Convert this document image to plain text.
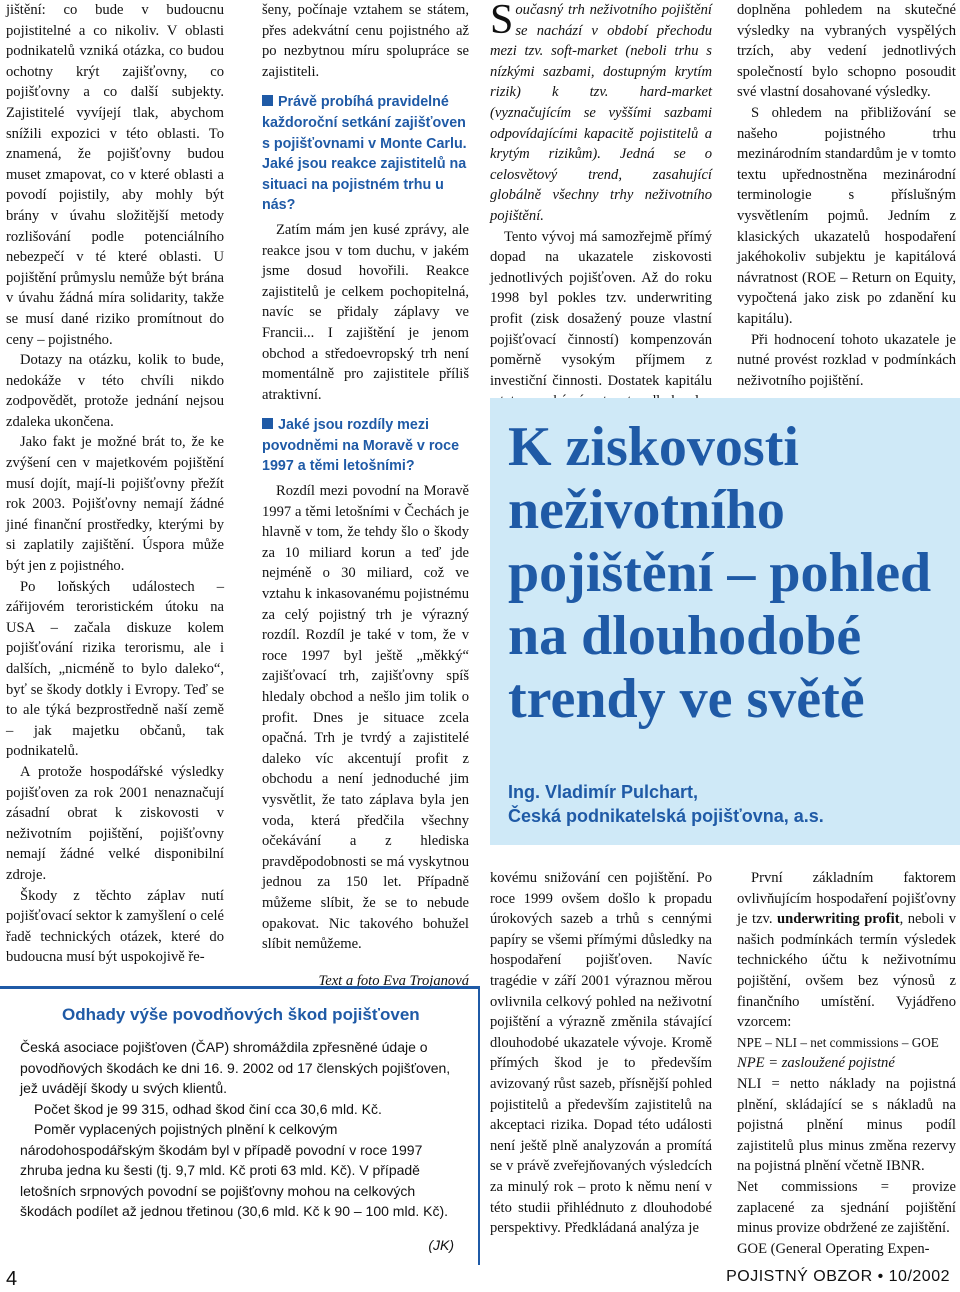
jištění: co bude v budoucnu pojistitelné a co nikoliv. V oblasti podnikatelů vzniká otázka, co budou ochotny krýt zajišťovny, co pojišťovny a co další subjekty. Zajistitelé vyvíjejí tlak, abychom snížili expozici v této oblasti. To znamená, že pojišťovny budou muset zmapovat, co v které oblasti a povodí pojistily, aby mohly být brány v úvahu složitější metody rozlišování podle potenciálního nebezpečí v té které oblasti. U pojištění průmyslu nemůže být brána v úvahu žádná míra solidarity, takže se musí dané riziko promítnout do ceny – pojistného.

Dotazy na otázku, kolik to bude, nedokáže v této chvíli nikdo zodpovědět, protože jednání nejsou zdaleka ukončena.

Jako fakt je možné brát to, že ke zvýšení cen v majetkovém pojištění musí dojít, mají-li pojišťovny přežít rok 2003. Pojišťovny nemají žádné jiné finanční prostředky, kterými by si zaplatily zajištění. Úspora může být jen z pojistného.

Po loňských událostech – zářijovém teroristickém útoku na USA – začala diskuze kolem pojišťování rizika terorismu, ale i dalších, „nicméně to bylo daleko“, byť se škody dotkly i Evropy. Teď se to ale týká bezprostředně naší země – jak majetku občanů, tak podnikatelů.

A protože hospodářské výsledky pojišťoven za rok 2001 nenaznačují zásadní obrat k ziskovosti v neživotním pojištění, pojišťovny nemají žádné velké disponibilní zdroje.

Škody z těchto záplav nutí pojišťovací sektor k zamyšlení o celé řadě technických otázek, které do budoucna musí být uspokojivě ře-

šeny, počínaje vztahem se státem, přes adekvátní cenu pojistného až po nezbytnou míru spolupráce se zajistiteli.

Právě probíhá pravidelné každoroční setkání zajišťoven s pojišťovnami v Monte Carlu. Jaké jsou reakce zajistitelů na situaci na pojistném trhu u nás?

Zatím mám jen kusé zprávy, ale reakce jsou v tom duchu, v jakém jsme dosud hovořili. Reakce zajistitelů je celkem pochopitelná, navíc se přidaly záplavy ve Francii... I zajištění je jenom obchod a středoevropský trh není momentálně pro zajistitele příliš atraktivní.

Jaké jsou rozdíly mezi povodněmi na Moravě v roce 1997 a těmi letošními?

Rozdíl mezi povodní na Moravě 1997 a těmi letošními v Čechách je hlavně v tom, že tehdy šlo o škody za 10 miliard korun a teď jde nejméně o 30 miliard, což ve vztahu k inkasovanému pojistnému za celý pojistný trh je výrazný rozdíl. Rozdíl je také v tom, že v roce 1997 byl ještě „měkký“ zajišťovací trh, zajišťovny spíš hledaly obchod a nešlo jim tolik o profit. Dnes je situace zcela opačná. Trh je tvrdý a zajistitelé daleko víc akcentují profit z obchodu a není jednoduché jim vysvětlit, že tato záplava byla jen voda, která předčila všechny očekávání a z hlediska pravděpodobnosti se má vyskytnou jednou za 150 let. Případně můžeme slíbit, že se to nebude opakovat. Nic takového bohužel slíbit nemůžeme.

Text a foto Eva Trojanová

Současný trh neživotního pojištění se nachází v období přechodu mezi tzv. soft-market (neboli trhu s nízkými sazbami, dostupným krytím rizik) k tzv. hard-market (vyznačujícím se vyššími sazbami odpovídajícími kapacitě pojistitelů a krytým rizikům). Jedná se o celosvětový trend, zasahující globálně všechny trhy neživotního pojištění.

Tento vývoj má samozřejmě přímý dopad na ukazatele ziskovosti jednotlivých pojišťoven. Až do roku 1998 byl pokles tzv. underwriting profit (zisk dosažený pouze vlastní pojišťovací činností) kompenzován poměrně vysokým příjmem z investiční činnosti. Dostatek kapitálu

doplněna pohledem na skutečné výsledky na vybraných vyspělých trzích, aby vedení jednotlivých společností bylo schopno posoudit své vlastní dosahované výsledky.

S ohledem na přibližování se našeho pojistného trhu mezinárodním standardům je v tomto textu upřednostněna mezinárodní terminologie s příslušným vysvětlením pojmů. Jedním z klasických ukazatelů hospodaření jakéhokoliv subjektu je kapitálová návratnost (ROE – Return on Equity, vypočtená jako zisk po zdanění ku kapitálu).

Při hodnocení tohoto ukazatele je nutné provést rozklad v podmínkách neživotního pojištění.

K ziskovosti neživotního pojištění – pohled na dlouhodobé trendy ve světě
Ing. Vladimír Pulchart,
Česká podnikatelská pojišťovna, a.s.

kovému snižování cen pojištění. Po roce 1999 ovšem došlo k propadu úrokových sazeb a trhů s cennými papíry se všemi přímými důsledky na hospodaření pojišťoven. Navíc tragédie v září 2001 výraznou měrou ovlivnila celkový pohled na neživotní pojištění a výrazně změnila stávající dlouhodobé ukazatele vývoje. Kromě přímých škod je to především avizovaný růst sazeb, přísnější pohled pojistitelů a především zajistitelů na akceptaci rizika. Dopad této události není ještě plně analyzován a promítá se v právě zveřejňovaných výsledcích za minulý rok – proto k němu není v této studii přihlédnuto z dlouhodobé perspektivy. Předkládaná analýza je

První základním faktorem ovlivňujícím hospodaření pojišťovny je tzv. underwriting profit, neboli v našich podmínkách termín výsledek technického účtu k neživotnímu pojištění, ovšem bez výnosů z finančního umístění. Vyjádřeno vzorcem:

NPE – NLI – net commissions – GOE

NPE = zasloužené pojistné

NLI = netto náklady na pojistná plnění, skládající se s nákladů na pojistná plnění minus podíl zajistitelů plus minus změna rezervy na pojistná plnění včetně IBNR.

Net commissions = provize zaplacené za sjednání pojištění minus provize obdržené ze zajištění.

GOE (General Operating Expen-

Odhady výše povodňových škod pojišťoven

Česká asociace pojišťoven (ČAP) shromáždila zpřesněné údaje o povodňových škodách ke dni 16. 9. 2002 od 17 členských pojišťoven, jež uvádějí škody u svých klientů.

Počet škod je 99 315, odhad škod činí cca 30,6 mld. Kč.

Poměr vyplacených pojistných plnění k celkovým národohospodářským škodám byl v případě povodní v roce 1997 zhruba jedna ku šesti (tj. 9,7 mld. Kč proti 63 mld. Kč). V případě letošních srpnových povodní se pojišťovny mohou na celkových škodách podílet až jednou třetinou (30,6 mld. Kč k 90 – 100 mld. Kč).

(JK)
4	POJISTNÝ OBZOR • 10/2002
